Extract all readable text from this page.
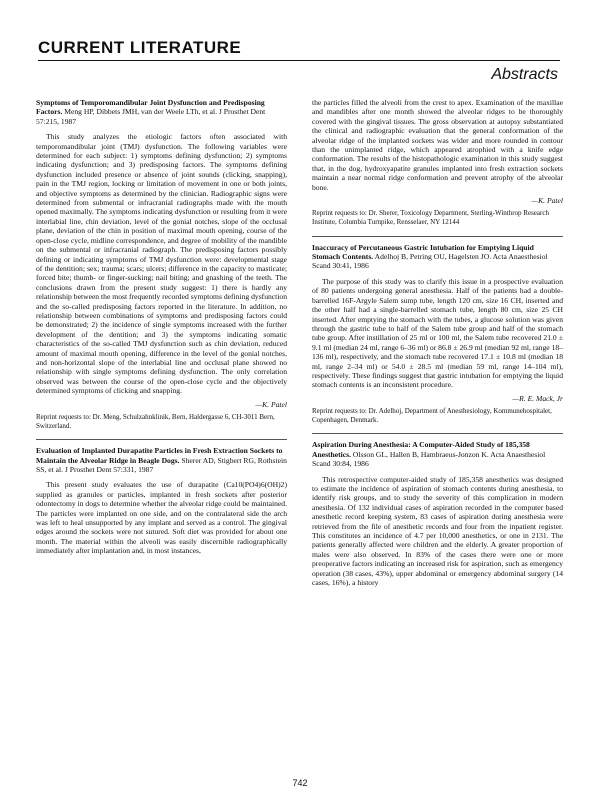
CURRENT LITERATURE
Abstracts

Symptoms of Temporomandibular Joint Dysfunction and Predisposing Factors. Meng HP, Dibbets JMH, van der Weele LTh, et al. J Prosthet Dent 57:215, 1987

This study analyzes the etiologic factors often associated with temporomandibular joint (TMJ) dysfunction. The following variables were determined for each subject: 1) symptoms defining dysfunction; 2) symptoms indicating dysfunction; and 3) predisposing factors. The symptoms defining dysfunction included presence or absence of joint sounds (clicking, snapping), pain in the TMJ region, locking or limitation of movement in one or both joints, and objective symptoms as determined by the clinician. Radiographic signs were determined from submental or infracranial radiographs made with the mouth opened maximally. The symptoms indicating dysfunction or resulting from it were interlabial line, chin deviation, level of the gonial notches, slope of the occlusal plane, deviation of the chin in position of maximal mouth opening, course of the open-close cycle, midline correspondence, and degree of mobility of the mandible on the submental or infracranial radiograph. The predisposing factors possibly defining or indicating symptoms of TMJ dysfunction were: developmental stage of the dentition; sex; trauma; scars; ulcers; difference in the capacity to masticate; forced bite; thumb- or finger-sucking; nail biting; and gnashing of the teeth. The conclusions drawn from the present study suggest: 1) there is hardly any relationship between the most frequently recorded symptoms defining dysfunction and the so-called predisposing factors reported in the literature. In addition, no relationship between combinations of symptoms and predisposing factors could be demonstrated; 2) the incidence of single symptoms increased with the further development of the dentition; and 3) the symptoms indicating somatic characteristics of the so-called TMJ dysfunction such as chin deviation, reduced amount of maximal mouth opening, difference in the level of the gonial notches, and non-horizontal slope of the interlabial line and occlusal plane showed no relationship with single symptoms defining dysfunction. The only correlation observed was between the course of the open-close cycle and the objectively determined symptoms of clicking and snapping.

—K. Patel

Reprint requests to: Dr. Meng, Schulzahnklinik, Bern, Haldergasse 6, CH-3011 Bern, Switzerland.

Evaluation of Implanted Durapatite Particles in Fresh Extraction Sockets to Maintain the Alveolar Ridge in Beagle Dogs. Sherer AD, Stigbert RG, Rothstein SS, et al. J Prosthet Dent 57:331, 1987

This present study evaluates the use of durapatite (Ca10(PO4)6(OH)2) supplied as granules or particles, implanted in fresh sockets after posterior odontectomy in dogs to determine whether the alveolar ridge could be maintained. The particles were implanted on one side, and on the contralateral side the arch was left to heal unsupported by any implant and served as a control. The gingival edges around the sockets were not sutured. Soft diet was provided for about one month. The material within the alveoli was easily discernible radiographically immediately after implantation and, in most instances,

the particles filled the alveoli from the crest to apex. Examination of the maxillae and mandibles after one month showed the alveolar ridges to be thoroughly covered with the gingival tissues. The gross observation at autopsy substantiated the clinical and radiographic evaluation that the general conformation of the alveolar ridge of the implanted sockets was wider and more rounded in contour than the unimplanted ridge, which appeared atrophied with a knife edge conformation. The results of the histopathologic examination in this study suggest that, in the dog, hydroxyapatite granules implanted into fresh extraction sockets maintain a near normal ridge conformation and prevent atrophy of the alveolar bone.

—K. Patel

Reprint requests to: Dr. Sherer, Toxicology Department, Sterling-Winthrop Research Institute, Columbia Turnpike, Rensselaer, NY 12144

Inaccuracy of Percutaneous Gastric Intubation for Emptying Liquid Stomach Contents. Adelhoj B, Petring OU, Hagelsten JO. Acta Anaesthesiol Scand 30:41, 1986

The purpose of this study was to clarify this issue in a prospective evaluation of 80 patients undergoing general anesthesia. Half of the patients had a double-barrelled 16F-Argyle Salem sump tube, length 120 cm, size 16 CH, inserted and the other half had a single-barrelled stomach tube, length 80 cm, size 25 CH inserted. After emptying the stomach with the tubes, a glucose solution was given through the gastric tube to half of the Salem tube group and half of the stomach tube group. After instillation of 25 ml or 100 ml, the Salem tube recovered 21.0 ± 9.1 ml (median 24 ml, range 6–36 ml) or 86.8 ± 26.9 ml (median 92 ml, range 18–136 ml), respectively, and the stomach tube recovered 17.1 ± 10.8 ml (median 18 ml, range 2–34 ml) or 54.0 ± 28.5 ml (median 59 ml, range 14–104 ml), respectively. These findings suggest that gastric intubation for emptying the liquid stomach contents is an inconsistent procedure.

—R. E. Mack, Jr

Reprint requests to: Dr. Adelhoj, Department of Anesthesiology, Kommunehospitalet, Copenhagen, Denmark.

Aspiration During Anesthesia: A Computer-Aided Study of 185,358 Anesthetics. Olsson GL, Hallen B, Hambraeus-Jonzon K. Acta Anaesthesiol Scand 30:84, 1986

This retrospective computer-aided study of 185,358 anesthetics was designed to estimate the incidence of aspiration of stomach contents during anesthesia, to identify risk groups, and to study the severity of this complication in modern anesthesia. Of 132 individual cases of aspiration recorded in the computer based anesthetic record keeping system, 83 cases of aspiration during anesthesia were retrieved from the file of anesthetic records and four from the inpatient register. This constitutes an incidence of 4.7 per 10,000 anesthetics, or one in 2131. The patients generally affected were children and the elderly. A greater proportion of males were also observed. In 83% of the cases there were one or more preoperative factors indicating an increased risk for aspiration, such as emergency operation (38 cases, 43%), upper abdominal or emergency abdominal surgery (14 cases, 16%), a history

742
